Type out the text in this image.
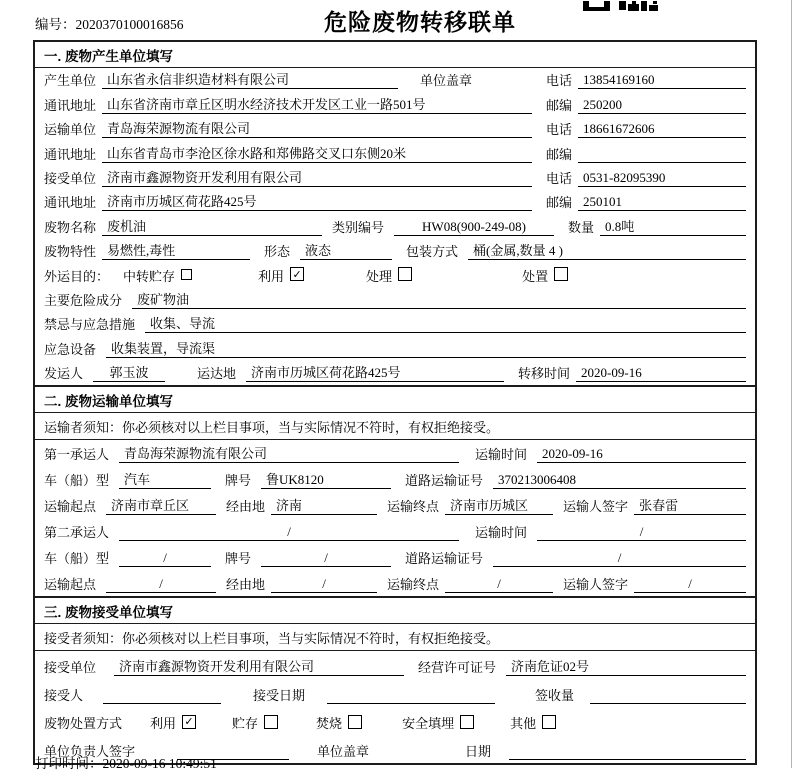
编号：2020370100016856	危险废物转移联单
一. 废物产生单位填写
产生单位 山东省永信非织造材料有限公司	单位盖章	电话 13854169160
通讯地址 山东省济南市章丘区明水经济技术开发区工业一路501号	邮编 250200
运输单位 青岛海荣源物流有限公司	电话 18661672606
通讯地址 山东省青岛市李沧区徐水路和郑佛路交叉口东侧20米	邮编
接受单位 济南市鑫源物资开发利用有限公司	电话 0531-82095390
通讯地址 济南市历城区荷花路425号	邮编 250101
废物名称 废机油	类别编号	HW08(900-249-08)	数量 0.8吨
废物特性 易燃性,毒性	形态	液态	包装方式	桶(金属,数量 4 )
外运目的： 中转贮存	利用 ✓	处理	处置
主要危险成分	废矿物油
禁忌与应急措施	收集、导流
应急设备	收集装置，导流渠
发运人	郭玉波	运达地	济南市历城区荷花路425号	转移时间 2020-09-16
二. 废物运输单位填写
运输者须知：你必须核对以上栏目事项，当与实际情况不符时，有权拒绝接受。
第一承运人	青岛海荣源物流有限公司	运输时间	2020-09-16
车（船）型	汽车	牌号	鲁UK8120	道路运输证号	370213006408
运输起点	济南市章丘区	经由地 济南	运输终点 济南市历城区	运输人签字 张春雷
第二承运人	/	运输时间	/
车（船）型	/	牌号	/	道路运输证号	/
运输起点	/	经由地	/	运输终点	/	运输人签字	/
三. 废物接受单位填写
接受者须知：你必须核对以上栏目事项，当与实际情况不符时，有权拒绝接受。
接受单位	济南市鑫源物资开发利用有限公司	经营许可证号	济南危证02号
接受人	接受日期	签收量
废物处置方式 利用 ✓	贮存	焚烧	安全填埋	其他
单位负责人签字	单位盖章	日期
打印时间：2020-09-16 10:49:51
